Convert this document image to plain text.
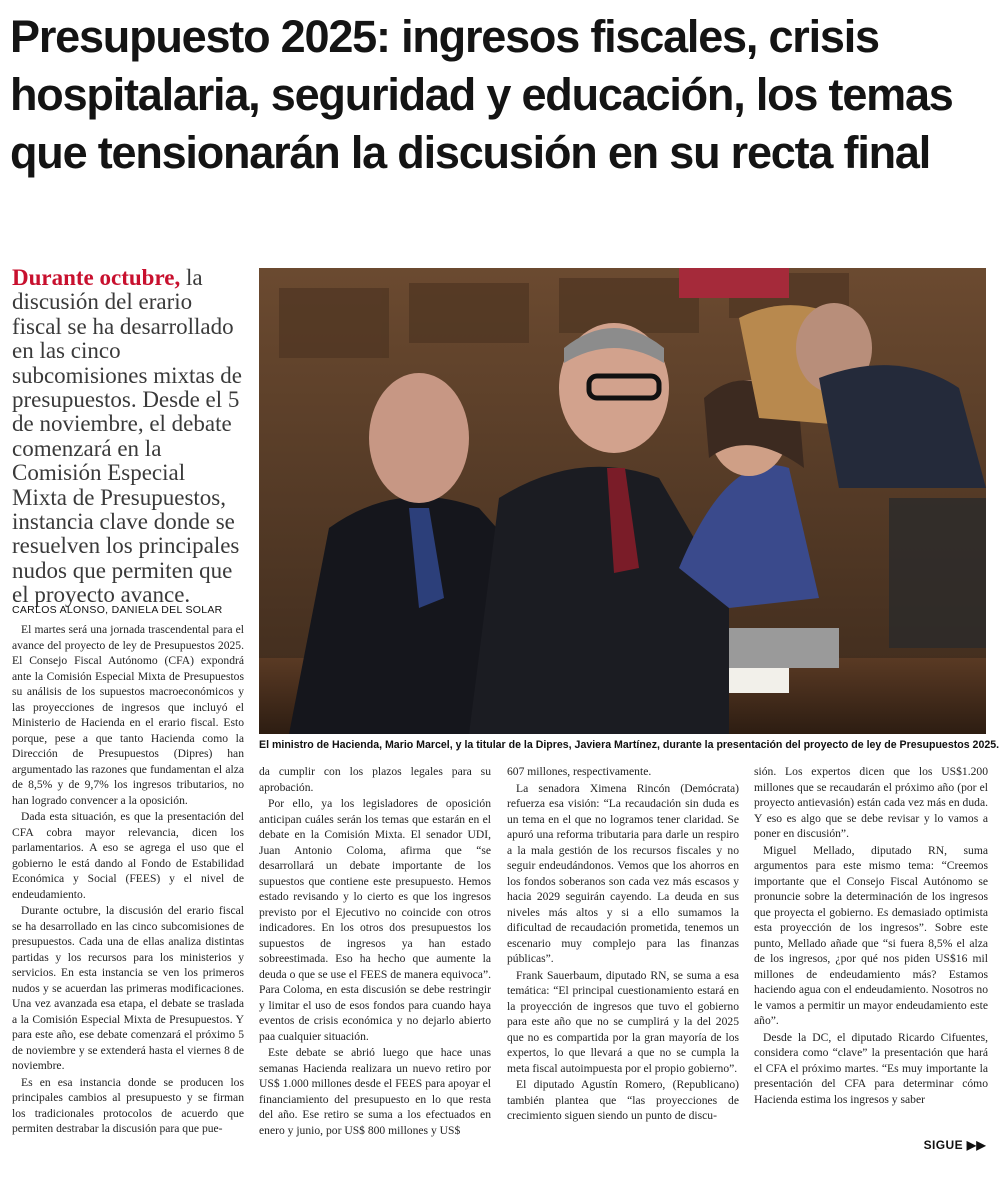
Presupuesto 2025: ingresos fiscales, crisis hospitalaria, seguridad y educación, los temas que tensionarán la discusión en su recta final

Durante octubre, la discusión del erario fiscal se ha desarrollado en las cinco subcomisiones mixtas de presupuestos. Desde el 5 de noviembre, el debate comenzará en la Comisión Especial Mixta de Presupuestos, instancia clave donde se resuelven los principales nudos que permiten que el proyecto avance.

El ministro de Hacienda, Mario Marcel, y la titular de la Dipres, Javiera Martínez, durante la presentación del proyecto de ley de Presupuestos 2025.

CARLOS ALONSO, DANIELA DEL SOLAR

El martes será una jornada trascendental para el avance del proyecto de ley de Presupuestos 2025. El Consejo Fiscal Autónomo (CFA) expondrá ante la Comisión Especial Mixta de Presupuestos su análisis de los supuestos macroeconómicos y las proyecciones de ingresos que incluyó el Ministerio de Hacienda en el erario fiscal. Esto porque, pese a que tanto Hacienda como la Dirección de Presupuestos (Dipres) han argumentado las razones que fundamentan el alza de 8,5% y de 9,7% los ingresos tributarios, no han logrado convencer a la oposición.

Dada esta situación, es que la presentación del CFA cobra mayor relevancia, dicen los parlamentarios. A eso se agrega el uso que el gobierno le está dando al Fondo de Estabilidad Económica y Social (FEES) y el nivel de endeudamiento.

Durante octubre, la discusión del erario fiscal se ha desarrollado en las cinco subcomisiones de presupuestos. Cada una de ellas analiza distintas partidas y los recursos para los ministerios y servicios. En esta instancia se ven los primeros nudos y se acuerdan las primeras modificaciones. Una vez avanzada esa etapa, el debate se traslada a la Comisión Especial Mixta de Presupuestos. Y para este año, ese debate comenzará el próximo 5 de noviembre y se extenderá hasta el viernes 8 de noviembre.

Es en esa instancia donde se producen los principales cambios al presupuesto y se firman los tradicionales protocolos de acuerdo que permiten destrabar la discusión para que pue-

da cumplir con los plazos legales para su aprobación.

Por ello, ya los legisladores de oposición anticipan cuáles serán los temas que estarán en el debate en la Comisión Mixta. El senador UDI, Juan Antonio Coloma, afirma que “se desarrollará un debate importante de los supuestos que contiene este presupuesto. Hemos estado revisando y lo cierto es que los ingresos previsto por el Ejecutivo no coincide con otros indicadores. En los otros dos presupuestos los supuestos de ingresos ya han estado sobreestimada. Eso ha hecho que aumente la deuda o que se use el FEES de manera equivoca”. Para Coloma, en esta discusión se debe restringir y limitar el uso de esos fondos para cuando haya eventos de crisis económica y no dejarlo abierto paa cualquier situación.

Este debate se abrió luego que hace unas semanas Hacienda realizara un nuevo retiro por US$ 1.000 millones desde el FEES para apoyar el financiamiento del presupuesto en lo que resta del año. Ese retiro se suma a los efectuados en enero y junio, por US$ 800 millones y US$

607 millones, respectivamente.

La senadora Ximena Rincón (Demócrata) refuerza esa visión: “La recaudación sin duda es un tema en el que no logramos tener claridad. Se apuró una reforma tributaria para darle un respiro a la mala gestión de los recursos fiscales y no seguir endeudándonos. Vemos que los ahorros en los fondos soberanos son cada vez más escasos y hacia 2029 seguirán cayendo. La deuda en sus niveles más altos y si a ello sumamos la dificultad de recaudación prometida, tenemos un escenario muy complejo para las finanzas públicas”.

Frank Sauerbaum, diputado RN, se suma a esa temática: “El principal cuestionamiento estará en la proyección de ingresos que tuvo el gobierno para este año que no se cumplirá y la del 2025 que no es compartida por la gran mayoría de los expertos, lo que llevará a que no se cumpla la meta fiscal autoimpuesta por el propio gobierno”.

El diputado Agustín Romero, (Republicano) también plantea que “las proyecciones de crecimiento siguen siendo un punto de discu-

sión. Los expertos dicen que los US$1.200 millones que se recaudarán el próximo año (por el proyecto antievasión) están cada vez más en duda. Y eso es algo que se debe revisar y lo vamos a poner en discusión”.

Miguel Mellado, diputado RN, suma argumentos para este mismo tema: “Creemos importante que el Consejo Fiscal Autónomo se pronuncie sobre la determinación de los ingresos que proyecta el gobierno. Es demasiado optimista esta proyección de los ingresos”. Sobre este punto, Mellado añade que “si fuera 8,5% el alza de los ingresos, ¿por qué nos piden US$16 mil millones de endeudamiento más? Estamos haciendo agua con el endeudamiento. Nosotros no le vamos a permitir un mayor endeudamiento este año”.

Desde la DC, el diputado Ricardo Cifuentes, considera como “clave” la presentación que hará el CFA el próximo martes. “Es muy importante la presentación del CFA para determinar cómo Hacienda estima los ingresos y saber

SIGUE ▶▶
